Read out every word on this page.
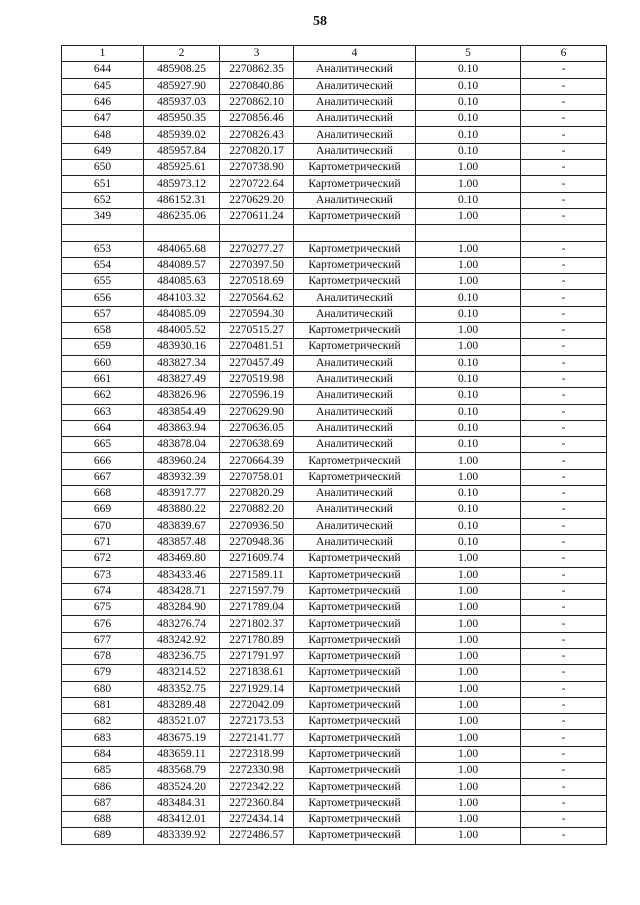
58
1	2	3	4	5	6
644	485908.25	2270862.35	Аналитический	0.10	-
645	485927.90	2270840.86	Аналитический	0.10	-
646	485937.03	2270862.10	Аналитический	0.10	-
647	485950.35	2270856.46	Аналитический	0.10	-
648	485939.02	2270826.43	Аналитический	0.10	-
649	485957.84	2270820.17	Аналитический	0.10	-
650	485925.61	2270738.90	Картометрический	1.00	-
651	485973.12	2270722.64	Картометрический	1.00	-
652	486152.31	2270629.20	Аналитический	0.10	-
349	486235.06	2270611.24	Картометрический	1.00	-

653	484065.68	2270277.27	Картометрический	1.00	-
654	484089.57	2270397.50	Картометрический	1.00	-
655	484085.63	2270518.69	Картометрический	1.00	-
656	484103.32	2270564.62	Аналитический	0.10	-
657	484085.09	2270594.30	Аналитический	0.10	-
658	484005.52	2270515.27	Картометрический	1.00	-
659	483930.16	2270481.51	Картометрический	1.00	-
660	483827.34	2270457.49	Аналитический	0.10	-
661	483827.49	2270519.98	Аналитический	0.10	-
662	483826.96	2270596.19	Аналитический	0.10	-
663	483854.49	2270629.90	Аналитический	0.10	-
664	483863.94	2270636.05	Аналитический	0.10	-
665	483878.04	2270638.69	Аналитический	0.10	-
666	483960.24	2270664.39	Картометрический	1.00	-
667	483932.39	2270758.01	Картометрический	1.00	-
668	483917.77	2270820.29	Аналитический	0.10	-
669	483880.22	2270882.20	Аналитический	0.10	-
670	483839.67	2270936.50	Аналитический	0.10	-
671	483857.48	2270948.36	Аналитический	0.10	-
672	483469.80	2271609.74	Картометрический	1.00	-
673	483433.46	2271589.11	Картометрический	1.00	-
674	483428.71	2271597.79	Картометрический	1.00	-
675	483284.90	2271789.04	Картометрический	1.00	-
676	483276.74	2271802.37	Картометрический	1.00	-
677	483242.92	2271780.89	Картометрический	1.00	-
678	483236.75	2271791.97	Картометрический	1.00	-
679	483214.52	2271838.61	Картометрический	1.00	-
680	483352.75	2271929.14	Картометрический	1.00	-
681	483289.48	2272042.09	Картометрический	1.00	-
682	483521.07	2272173.53	Картометрический	1.00	-
683	483675.19	2272141.77	Картометрический	1.00	-
684	483659.11	2272318.99	Картометрический	1.00	-
685	483568.79	2272330.98	Картометрический	1.00	-
686	483524.20	2272342.22	Картометрический	1.00	-
687	483484.31	2272360.84	Картометрический	1.00	-
688	483412.01	2272434.14	Картометрический	1.00	-
689	483339.92	2272486.57	Картометрический	1.00	-
